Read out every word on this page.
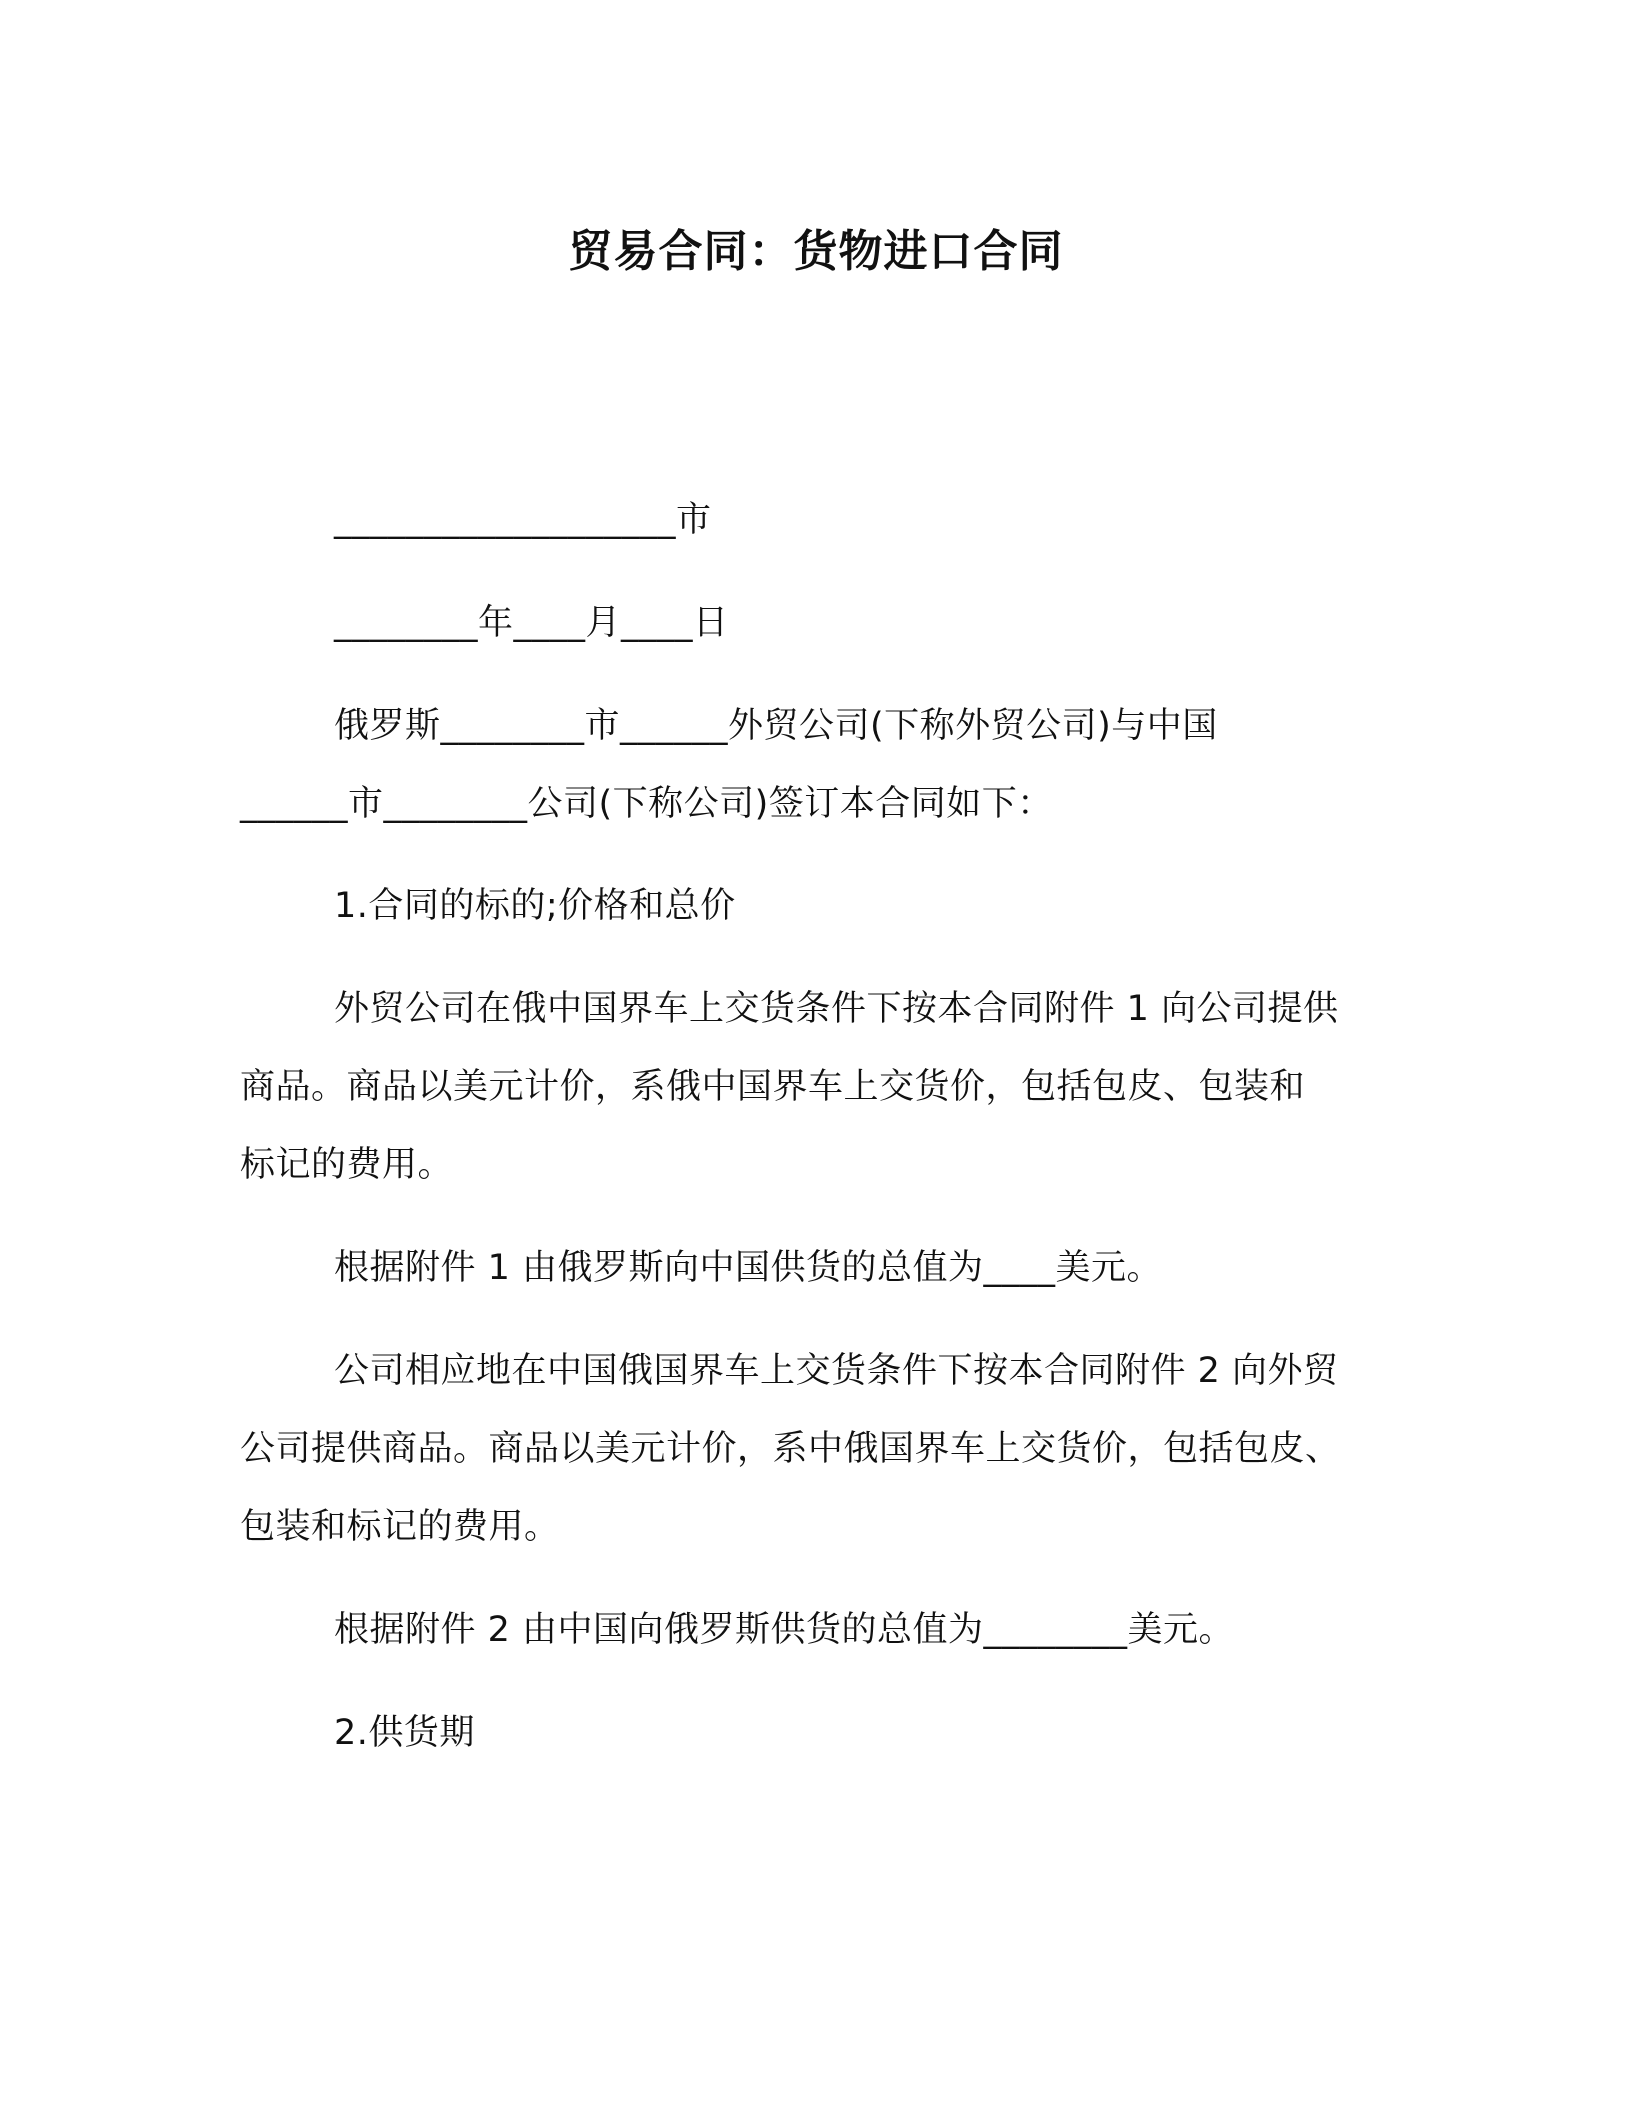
贸易合同：货物进口合同
___________________市
________年____月____日
俄罗斯________市______外贸公司(下称外贸公司)与中国
______市________公司(下称公司)签订本合同如下：
1.合同的标的;价格和总价
外贸公司在俄中国界车上交货条件下按本合同附件 1 向公司提供
商品。商品以美元计价，系俄中国界车上交货价，包括包皮、包装和
标记的费用。
根据附件 1 由俄罗斯向中国供货的总值为____美元。
公司相应地在中国俄国界车上交货条件下按本合同附件 2 向外贸
公司提供商品。商品以美元计价，系中俄国界车上交货价，包括包皮、
包装和标记的费用。
根据附件 2 由中国向俄罗斯供货的总值为________美元。
2.供货期
